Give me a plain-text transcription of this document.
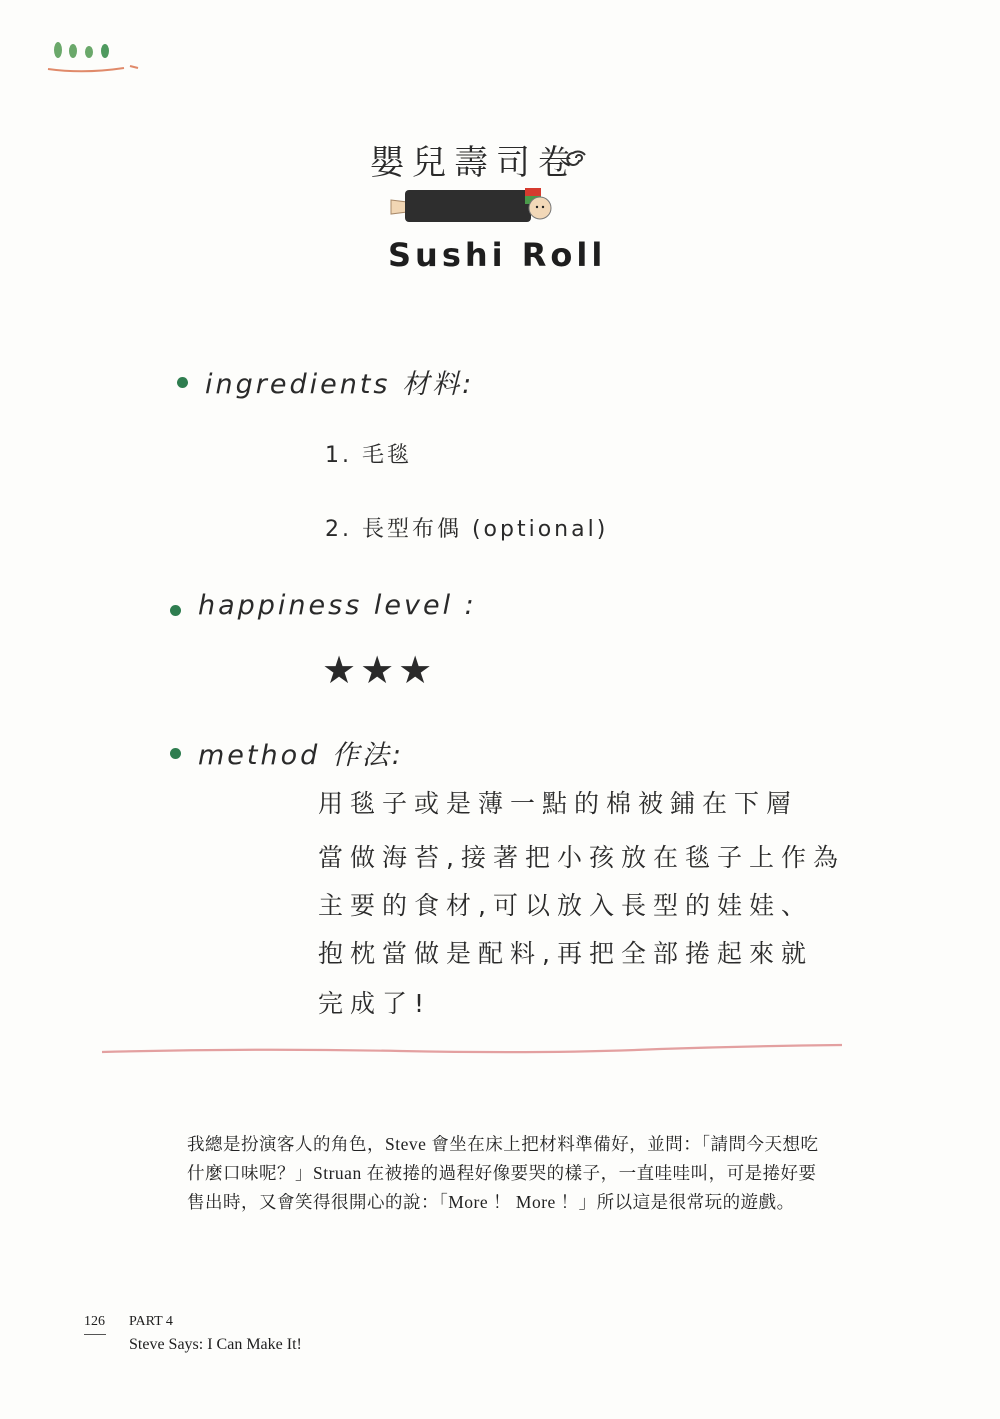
嬰兒壽司卷
Sushi Roll
ingredients 材料:
1. 毛毯
2. 長型布偶 (optional)
happiness level :
★★★
method 作法:
用毯子或是薄一點的棉被鋪在下層
當做海苔,接著把小孩放在毯子上作為
主要的食材,可以放入長型的娃娃、
抱枕當做是配料,再把全部捲起來就
完成了!

我總是扮演客人的角色，Steve 會坐在床上把材料準備好，並問：「請問今天想吃

什麼口味呢？」Struan 在被捲的過程好像要哭的樣子，一直哇哇叫，可是捲好要

售出時，又會笑得很開心的說：「More ！ More ！」所以這是很常玩的遊戲。

126 PART 4
Steve Says: I Can Make It!
